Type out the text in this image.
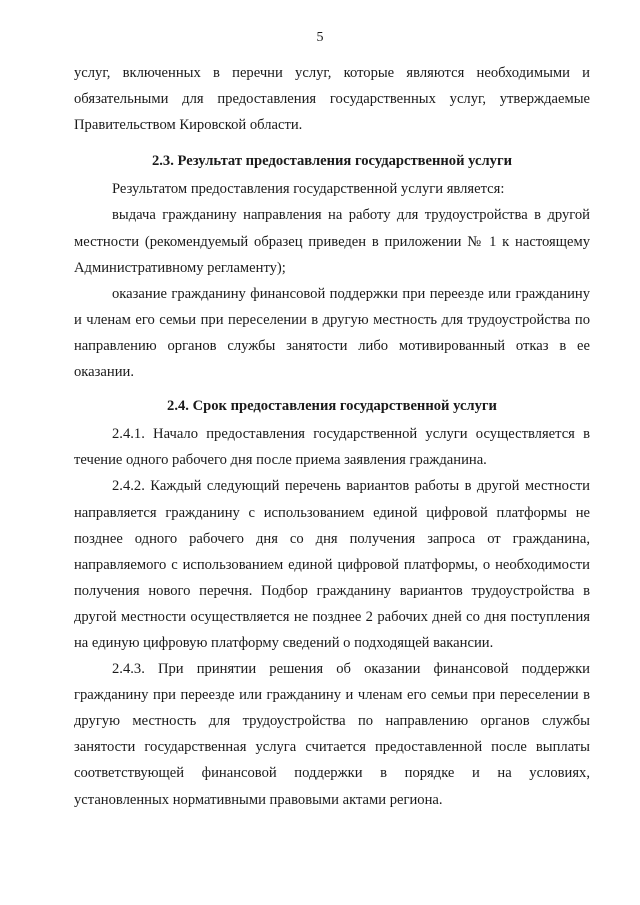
5

услуг, включенных в перечни услуг, которые являются необходимыми и обязательными для предоставления государственных услуг, утверждаемые Правительством Кировской области.

2.3. Результат предоставления государственной услуги

Результатом предоставления государственной услуги является:

выдача гражданину направления на работу для трудоустройства в другой местности (рекомендуемый образец приведен в приложении № 1 к настоящему Административному регламенту);

оказание гражданину финансовой поддержки при переезде или гражданину и членам его семьи при переселении в другую местность для трудоустройства по направлению органов службы занятости либо мотивированный отказ в ее оказании.

2.4. Срок предоставления государственной услуги

2.4.1. Начало предоставления государственной услуги осуществляется в течение одного рабочего дня после приема заявления гражданина.

2.4.2. Каждый следующий перечень вариантов работы в другой местности направляется гражданину с использованием единой цифровой платформы не позднее одного рабочего дня со дня получения запроса от гражданина, направляемого с использованием единой цифровой платформы, о необходимости получения нового перечня. Подбор гражданину вариантов трудоустройства в другой местности осуществляется не позднее 2 рабочих дней со дня поступления на единую цифровую платформу сведений о подходящей вакансии.

2.4.3. При принятии решения об оказании финансовой поддержки гражданину при переезде или гражданину и членам его семьи при переселении в другую местность для трудоустройства по направлению органов службы занятости государственная услуга считается предоставленной после выплаты соответствующей финансовой поддержки в порядке и на условиях, установленных нормативными правовыми актами региона.
